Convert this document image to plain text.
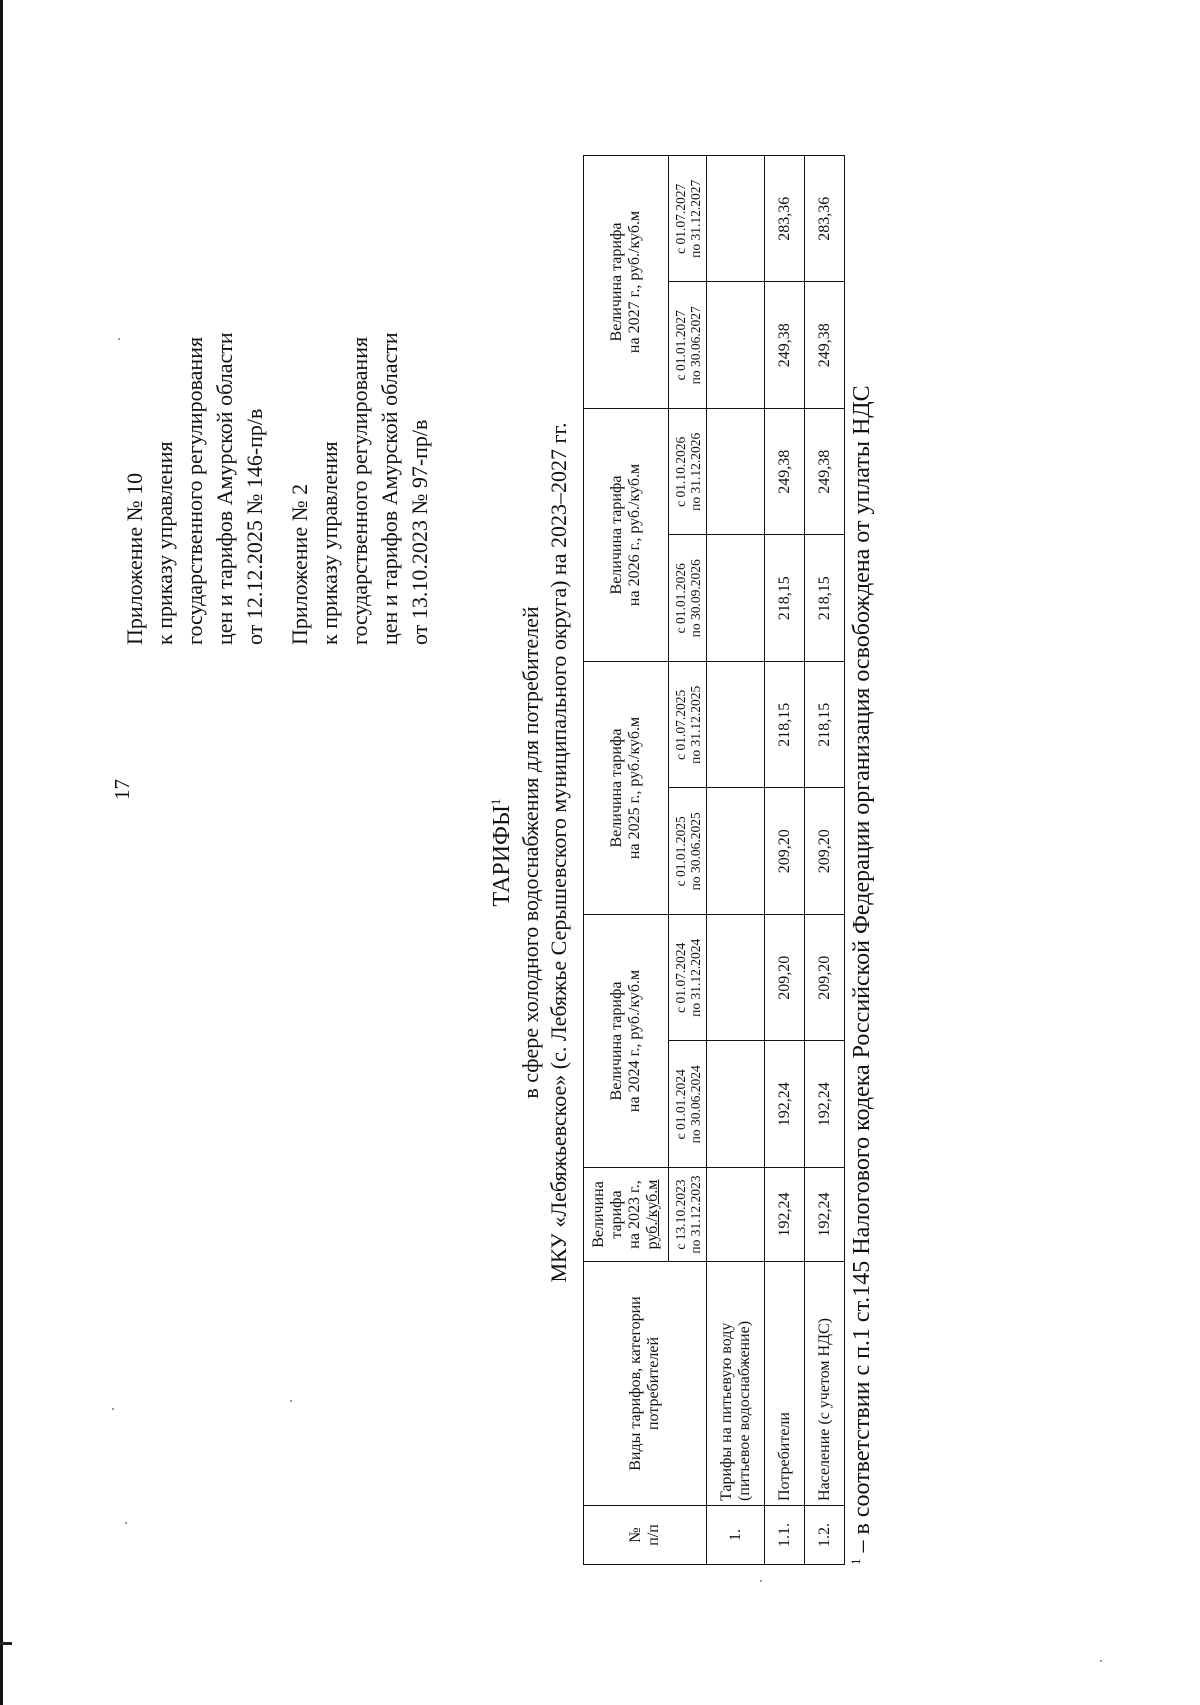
17
Приложение № 10 к приказу управления государственного регулирования цен и тарифов Амурской области от 12.12.2025 № 146-пр/в Приложение № 2 к приказу управления государственного регулирования цен и тарифов Амурской области от 13.10.2023 № 97-пр/в
ТАРИФЫ$^1$ в сфере холодного водоснабжения для потребителей МКУ «Лебяжьевское» (с. Лебяжье Серышевского муниципального округа) на 2023–2027 гг.
№ п/п	Виды тарифов, категории потребителей	Величина тарифа на 2023 г., руб./куб.м	Величина тарифа на 2024 г., руб./куб.м		Величина тарифа на 2025 г., руб./куб.м		Величина тарифа на 2026 г., руб./куб.м		Величина тарифа на 2027 г., руб./куб.м	

		с 13.10.2023 по 31.12.2023	с 01.01.2024 по 30.06.2024	с 01.07.2024 по 31.12.2024	с 01.01.2025 по 30.06.2025	с 01.07.2025 по 31.12.2025	с 01.01.2026 по 30.09.2026	с 01.10.2026 по 31.12.2026	с 01.01.2027 по 30.06.2027	с 01.07.2027 по 31.12.2027

1.	Тарифы на питьевую воду (питьевое водоснабжение)									

1.1.	Потребители	192,24	192,24	209,20	209,20	218,15	218,15	249,38	249,38	283,36
1.2.	Население (с учетом НДС)	192,24	192,24	209,20	209,20	218,15	218,15	249,38	249,38	283,36
$^1$ – в соответствии с п.1 ст.145 Налогового кодека Российской Федерации организация освобождена от уплаты НДС
